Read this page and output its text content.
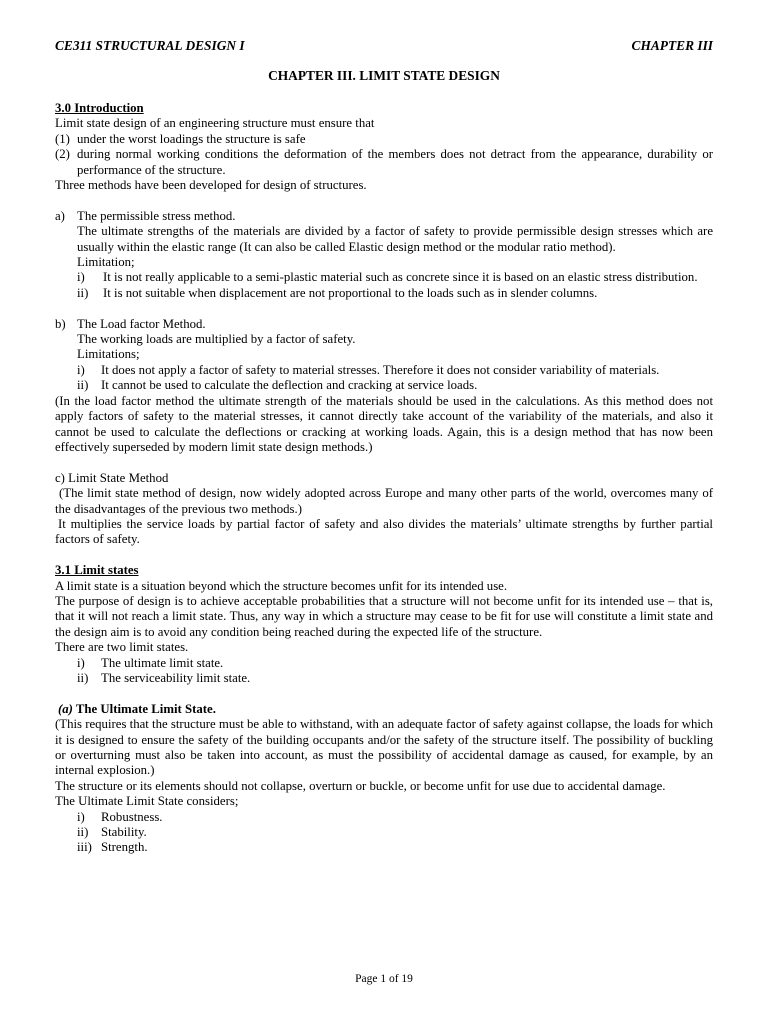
CE311 STRUCTURAL DESIGN I	CHAPTER III
CHAPTER III. LIMIT STATE DESIGN

3.0 Introduction

Limit state design of an engineering structure must ensure that

(1) under the worst loadings the structure is safe
(2) during normal working conditions the deformation of the members does not detract from the appearance, durability or performance of the structure.

Three methods have been developed for design of structures.

a) The permissible stress method.

The ultimate strengths of the materials are divided by a factor of safety to provide permissible design stresses which are usually within the elastic range (It can also be called Elastic design method or the modular ratio method).

Limitation;

i)	It is not really applicable to a semi-plastic material such as concrete since it is based on an elastic stress distribution.
ii)	It is not suitable when displacement are not proportional to the loads such as in slender columns.
b) The Load factor Method.

The working loads are multiplied by a factor of safety.

Limitations;

i)	It does not apply a factor of safety to material stresses. Therefore it does not consider variability of materials.
ii) It cannot be used to calculate the deflection and cracking at service loads.

(In the load factor method the ultimate strength of the materials should be used in the calculations. As this method does not apply factors of safety to the material stresses, it cannot directly take account of the variability of the materials, and also it cannot be used to calculate the deflections or cracking at working loads. Again, this is a design method that has now been effectively superseded by modern limit state design methods.)

c) Limit State Method

(The limit state method of design, now widely adopted across Europe and many other parts of the world, overcomes many of the disadvantages of the previous two methods.)

It multiplies the service loads by partial factor of safety and also divides the materials’ ultimate strengths by further partial factors of safety.

3.1 Limit states

A limit state is a situation beyond which the structure becomes unfit for its intended use.

The purpose of design is to achieve acceptable probabilities that a structure will not become unfit for its intended use – that is, that it will not reach a limit state. Thus, any way in which a structure may cease to be fit for use will constitute a limit state and the design aim is to avoid any condition being reached during the expected life of the structure.

There are two limit states.

i)	The ultimate limit state.
ii) The serviceability limit state.

(a) The Ultimate Limit State.

(This requires that the structure must be able to withstand, with an adequate factor of safety against collapse, the loads for which it is designed to ensure the safety of the building occupants and/or the safety of the structure itself. The possibility of buckling or overturning must also be taken into account, as must the possibility of accidental damage as caused, for example, by an internal explosion.)

The structure or its elements should not collapse, overturn or buckle, or become unfit for use due to accidental damage.

The Ultimate Limit State considers;

i)	Robustness.
ii) Stability.
iii) Strength.
Page 1 of 19
